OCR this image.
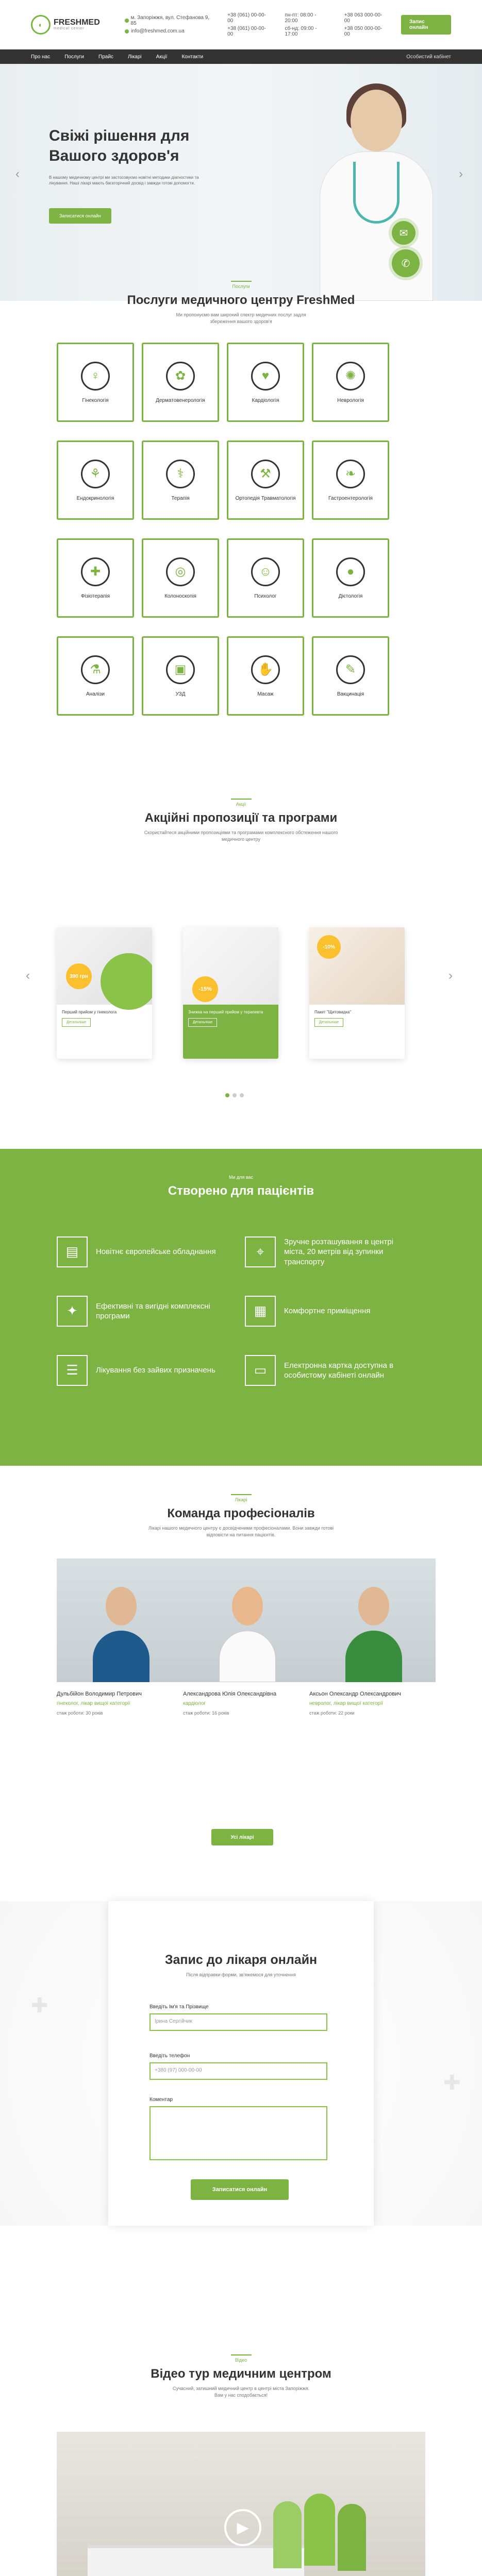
◐	FRESHMED
medical center
м. Запоріжжя, вул. Стефанова 9, 85
info@freshmed.com.ua
+38 (061) 00-00-00
+38 (061) 00-00-00
пн-пт: 08:00 - 20:00
сб-нд: 09:00 - 17:00
+38 063 000-00-00
+38 050 000-00-00
Запис онлайн
Про нас	Послуги	Прайс	Лікарі	Акції	Контакти	Особистий кабінет
‹	›
Свіжі рішення для Вашого здоров'я

В нашому медичному центрі ми застосовуємо новітні методики діагностики та лікування. Наші лікарі мають багаторічний досвід і завжди готові допомогти.

Записатися онлайн
✉
✆
Послуги
Послуги медичного центру FreshMed
Ми пропонуємо вам широкий спектр медичних послуг задля збереження вашого здоров'я
♀
Гінекологія
✿
Дерматовенерологія
♥
Кардіологія
✺
Неврологія
⚘
Ендокринологія
⚕
Терапія
⚒
Ортопедія Травматологія
❧
Гастроентерологія
✚
Фізіотерапія
◎
Колоноскопія
☺
Психолог
●
Дієтологія
⚗
Аналізи
▣
УЗД
✋
Масаж
✎
Вакцинація
Акції
Акційні пропозиції та програми
Скористайтеся акційними пропозиціями та програмами комплексного обстеження нашого медичного центру
‹	›
390 грн
Перший прийом у гінеколога
Детальніше
-15%
Знижка на перший прийом у терапевта
Детальніше
-10%
Пакет "Щитовидка"
Детальніше
Ми для вас
Створено для пацієнтів
▤	Новітнє європейське обладнання	⌖
Зручне розташування в центрі міста, 20 метрів від зупинки транспорту
✦	Ефективні та вигідні комплексні програми	▦	Комфортне приміщення
☰	Лікування без зайвих призначень	▭	Електронна картка доступна в особистому кабінеті онлайн
Лікарі
Команда професіоналів
Лікарі нашого медичного центру є досвідченими професіоналами. Вони завжди готові відповісти на питання пацієнтів.
Дульбійон Володимир Петрович
гінеколог, лікар вищої категорії
стаж роботи: 30 років
Александрова Юлія Олександрівна
кардіолог
стаж роботи: 16 років
Аксьон Олександр Олександрович
невролог, лікар вищої категорії
стаж роботи: 22 роки
Усі лікарі
✚
✚
Запис до лікаря онлайн
Після відправки форми, зв'яжемося для уточнення
Введіть Ім'я та Прізвище
Ірина Сергійчик
Введіть телефон
+380 (97) 000-00-00
Коментар
Записатися онлайн
Відео
Відео тур медичним центром
Сучасний, затишний медичний центр в центрі міста Запоріжжя. Вам у нас сподобається!
▶
